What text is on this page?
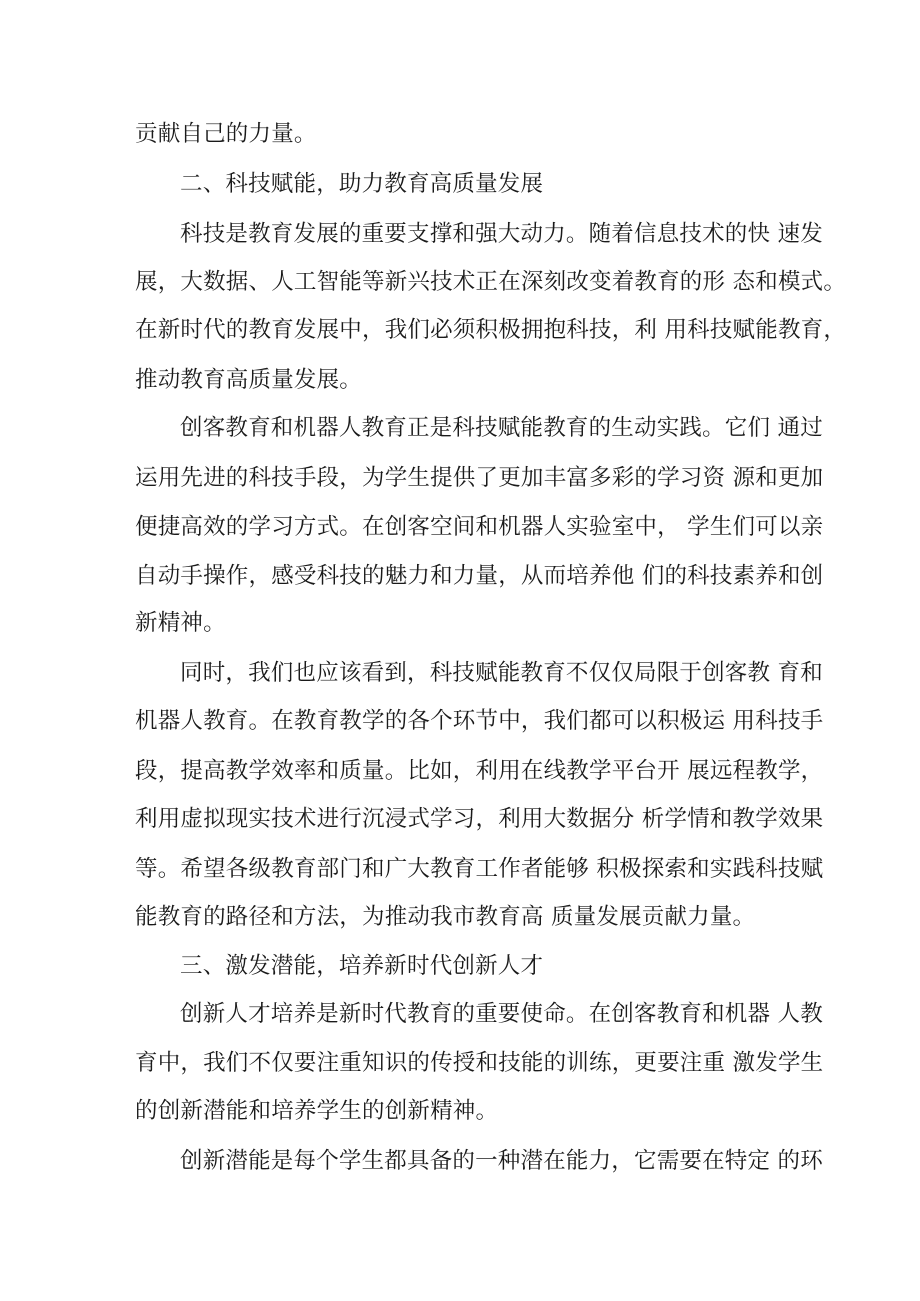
贡献自己的力量。
二、科技赋能，助力教育高质量发展
科技是教育发展的重要支撑和强大动力。随着信息技术的快 速发
展，大数据、人工智能等新兴技术正在深刻改变着教育的形 态和模式。
在新时代的教育发展中，我们必须积极拥抱科技，利 用科技赋能教育，
推动教育高质量发展。
创客教育和机器人教育正是科技赋能教育的生动实践。它们 通过
运用先进的科技手段，为学生提供了更加丰富多彩的学习资 源和更加
便捷高效的学习方式。在创客空间和机器人实验室中， 学生们可以亲
自动手操作，感受科技的魅力和力量，从而培养他 们的科技素养和创
新精神。
同时，我们也应该看到，科技赋能教育不仅仅局限于创客教 育和
机器人教育。在教育教学的各个环节中，我们都可以积极运 用科技手
段，提高教学效率和质量。比如，利用在线教学平台开 展远程教学，
利用虚拟现实技术进行沉浸式学习，利用大数据分 析学情和教学效果
等。希望各级教育部门和广大教育工作者能够 积极探索和实践科技赋
能教育的路径和方法，为推动我市教育高 质量发展贡献力量。
三、激发潜能，培养新时代创新人才
创新人才培养是新时代教育的重要使命。在创客教育和机器 人教
育中，我们不仅要注重知识的传授和技能的训练，更要注重 激发学生
的创新潜能和培养学生的创新精神。
创新潜能是每个学生都具备的一种潜在能力，它需要在特定 的环
